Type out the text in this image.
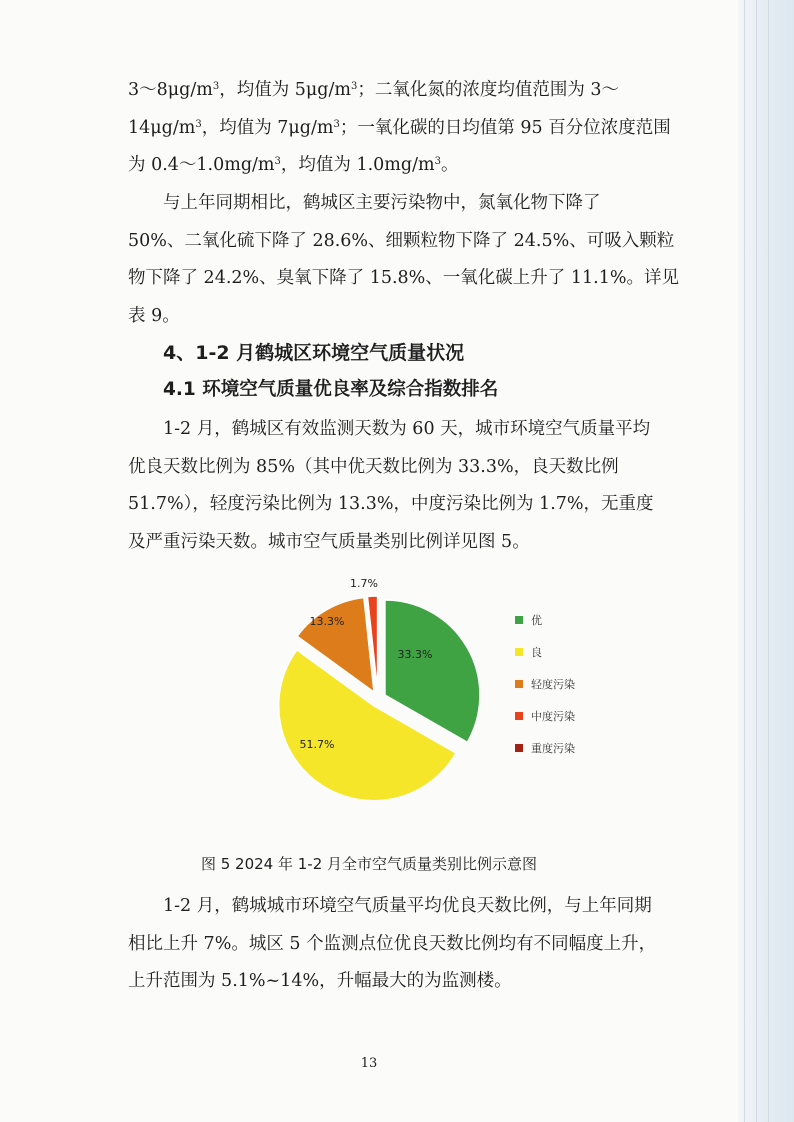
$3\sim 8\mu g/m^3$，均值为 $5\mu g/m^3$；二氧化氮的浓度均值范围为 3～
$14\mu g/m^3$，均值为 $7\mu g/m^3$；一氧化碳的日均值第 95 百分位浓度范围
为 $0.4\sim 1.0mg/m^3$，均值为 $1.0mg/m^3$。

与上年同期相比，鹤城区主要污染物中，氮氧化物下降了
50%、二氧化硫下降了 28.6%、细颗粒物下降了 24.5%、可吸入颗粒
物下降了 24.2%、臭氧下降了 15.8%、一氧化碳上升了 11.1%。详见
表 9。

4、1-2 月鹤城区环境空气质量状况
4.1 环境空气质量优良率及综合指数排名

1-2 月，鹤城区有效监测天数为 60 天，城市环境空气质量平均
优良天数比例为 85%（其中优天数比例为 33.3%，良天数比例
51.7%），轻度污染比例为 13.3%，中度污染比例为 1.7%，无重度
及严重污染天数。城市空气质量类别比例详见图 5。

33.3%
51.7%
13.3%
1.7%
优
良
轻度污染
中度污染
重度污染

图 5 2024 年 1-2 月全市空气质量类别比例示意图

1-2 月，鹤城城市环境空气质量平均优良天数比例，与上年同期
相比上升 7%。城区 5 个监测点位优良天数比例均有不同幅度上升，
上升范围为 5.1%~14%，升幅最大的为监测楼。

13
